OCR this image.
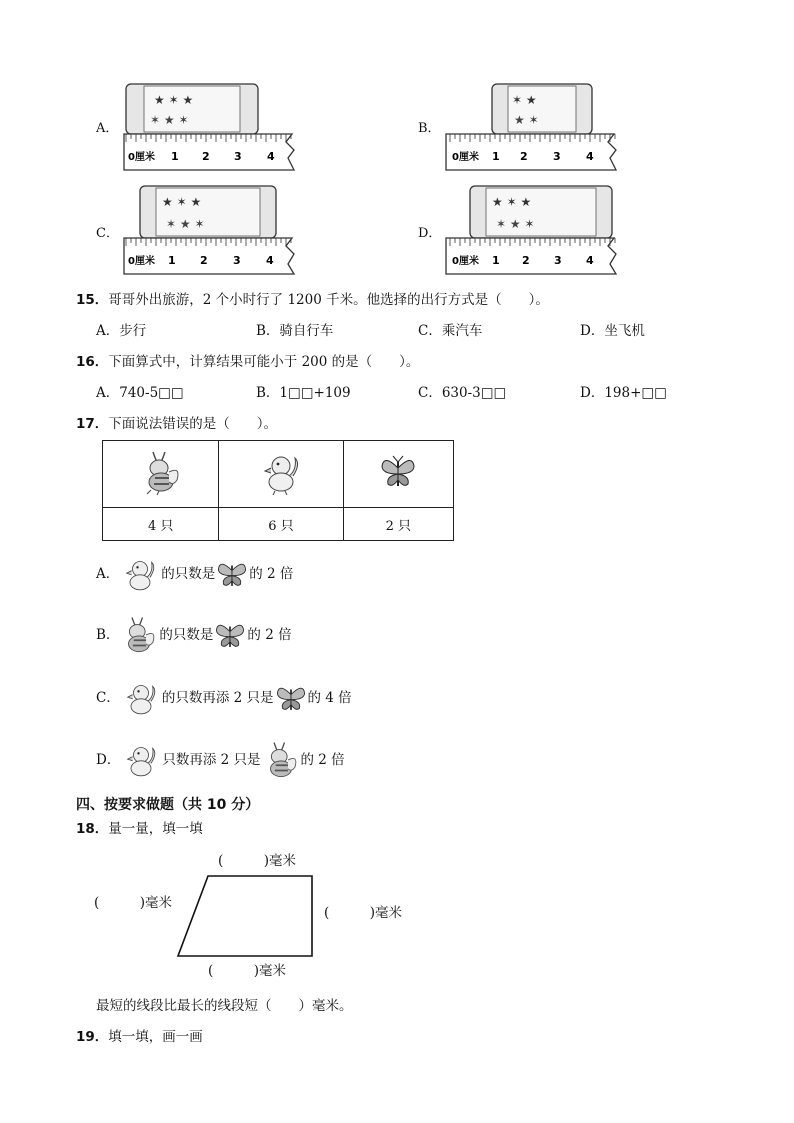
A．
★ ✶ ★
✶ ★ ✶
0厘米 1 2 3 4
B．
✶ ★
★ ✶
0厘米 1 2 3 4
C．
★ ✶ ★
✶ ★ ✶
0厘米 1 2 3 4
D．
★ ✶ ★
✶ ★ ✶
0厘米 1 2 3 4
15．哥哥外出旅游，2 个小时行了 1200 千米。他选择的出行方式是（　　）。
A．步行	B．骑自行车	C．乘汽车	D．坐飞机
16．下面算式中，计算结果可能小于 200 的是（　　）。
A．740-5□□	B．1□□+109	C．630-3□□	D．198+□□
17．下面说法错误的是（　　）。

4 只	6 只	2 只
A．	的只数是	的 2 倍
B．	的只数是	的 2 倍
C．	的只数再添 2 只是	的 4 倍
D．	只数再添 2 只是	的 2 倍
四、按要求做题（共 10 分）
18．量一量，填一填
(　　　)毫米
(　　　)毫米
(　　　)毫米
(　　　)毫米
最短的线段比最长的线段短（　　）毫米。
19．填一填，画一画
